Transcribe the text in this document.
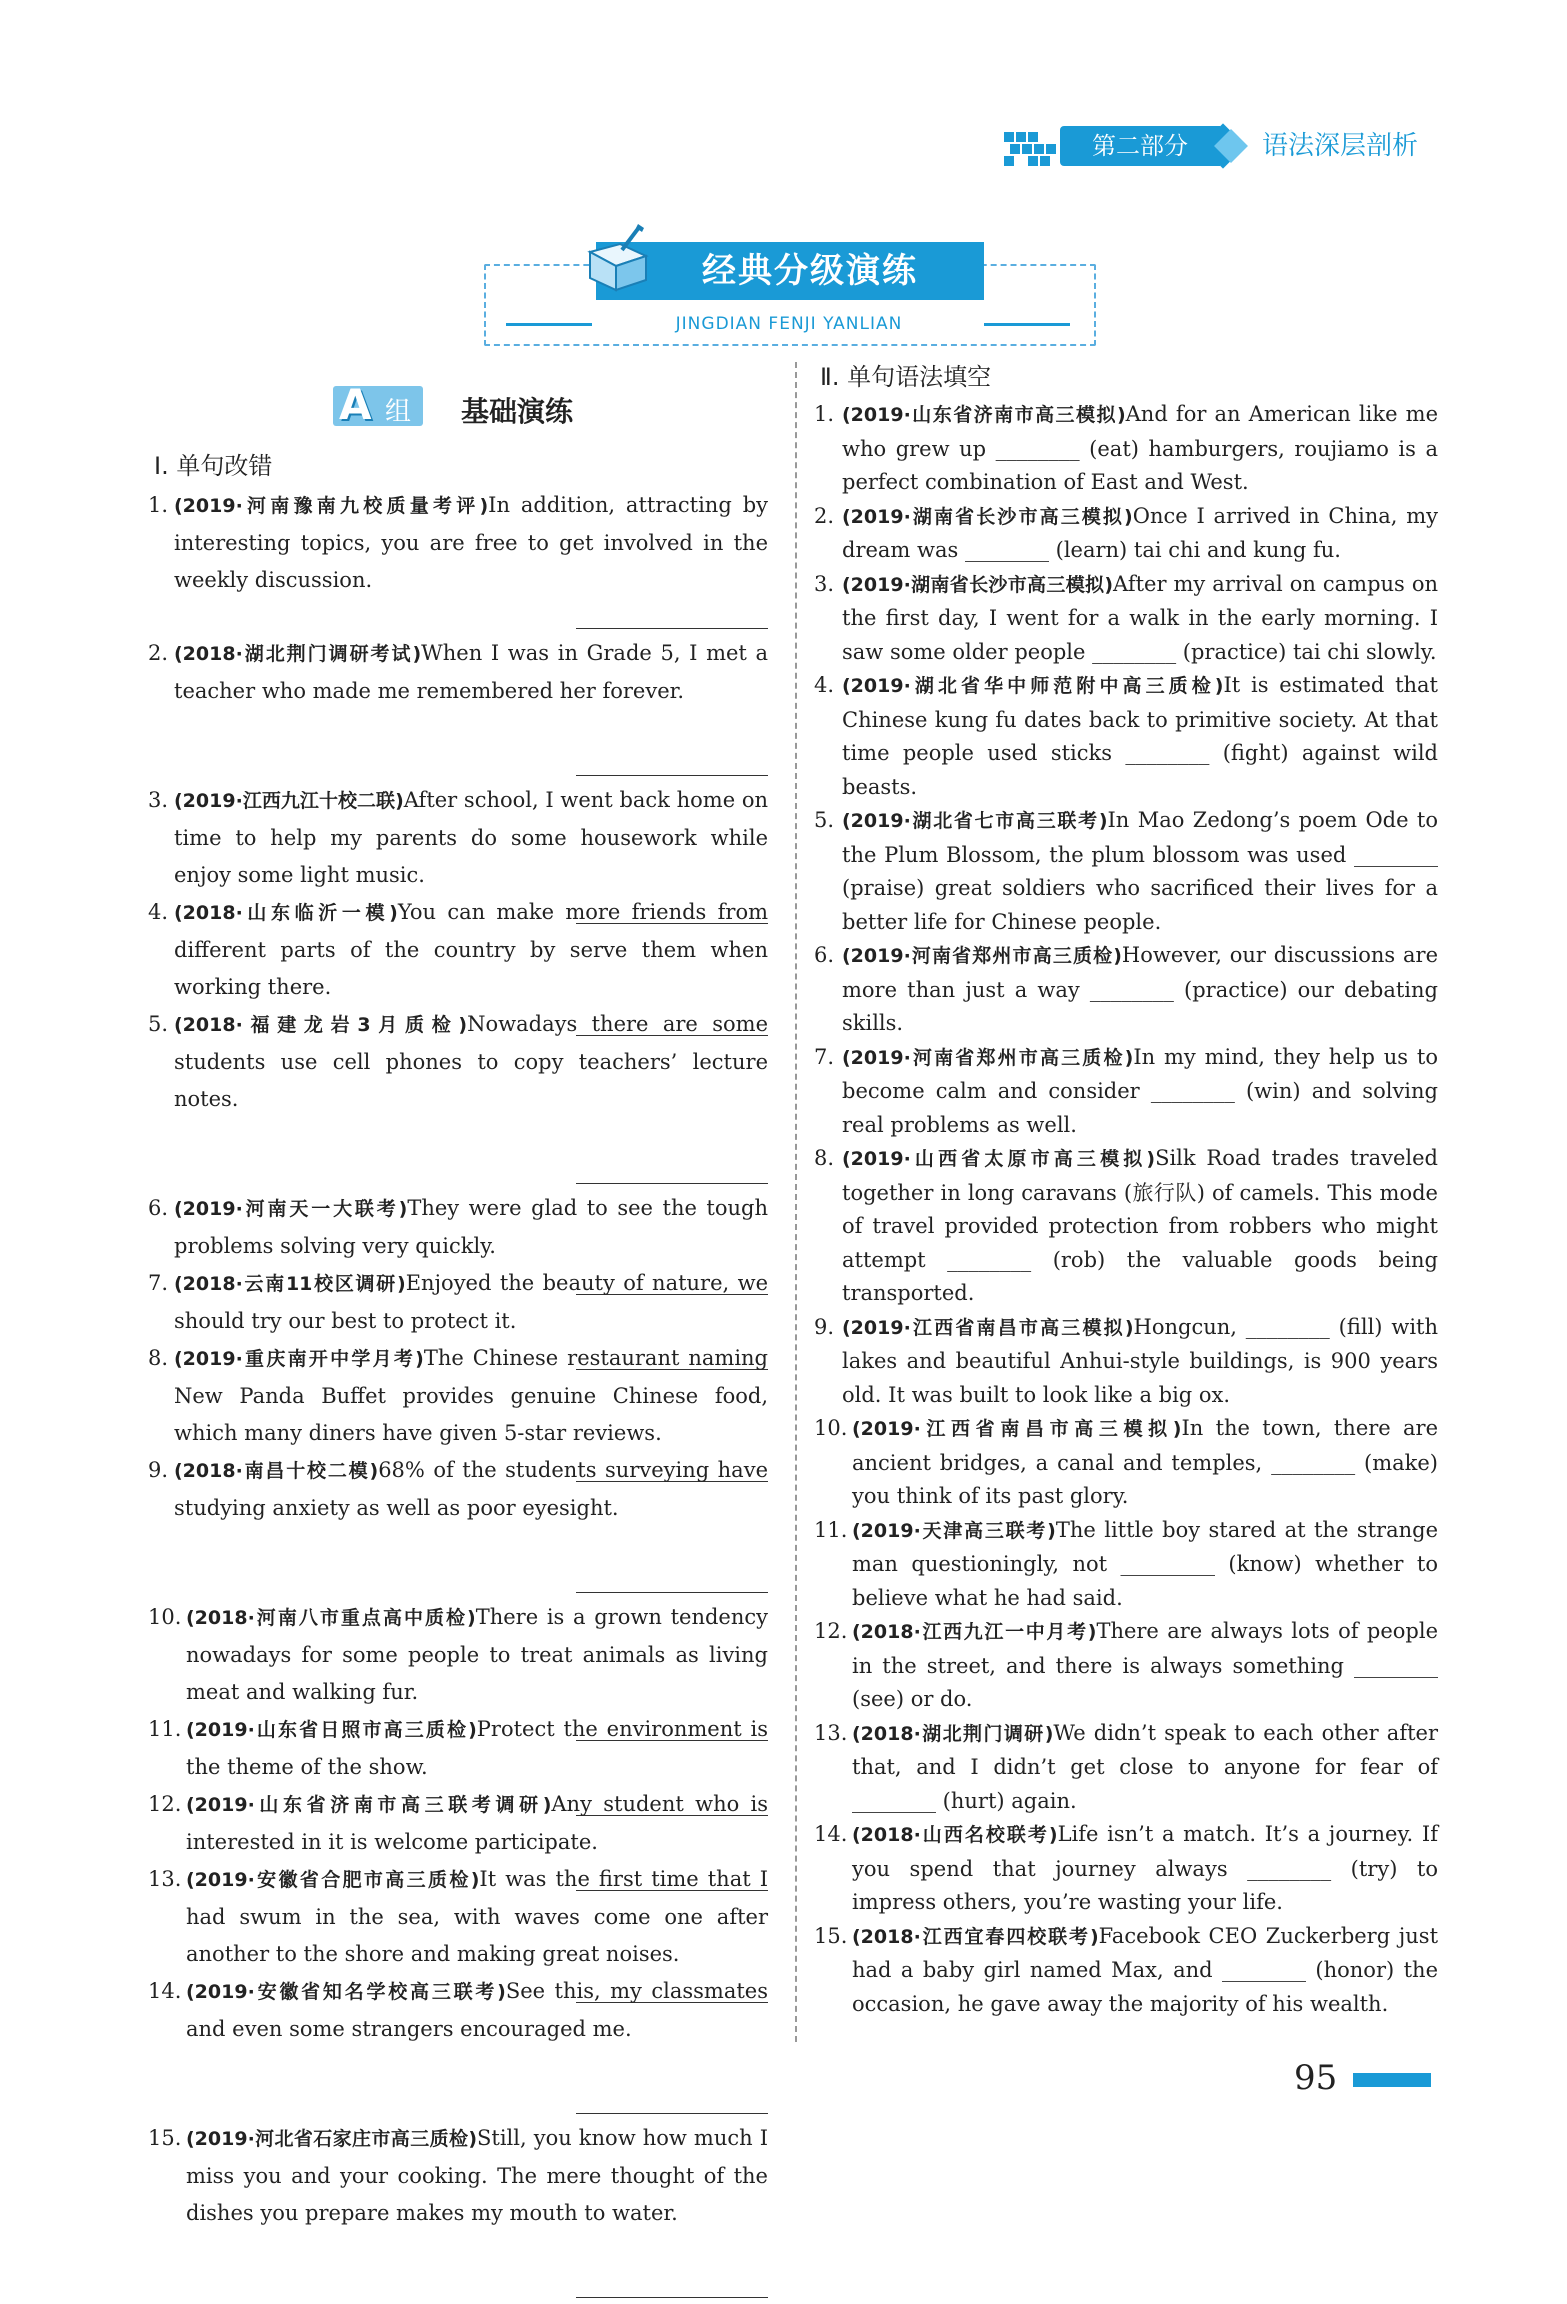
第二部分	语法深层剖析
经典分级演练
JINGDIAN FENJI YANLIAN
A 组 基础演练
Ⅰ. 单句改错
1. (2019·河南豫南九校质量考评)In addition, attracting by interesting topics, you are free to get involved in the weekly discussion.
2. (2018·湖北荆门调研考试)When I was in Grade 5, I met a teacher who made me remembered her forever.
3. (2019·江西九江十校二联)After school, I went back home on time to help my parents do some housework while enjoy some light music.
4. (2018·山东临沂一模)You can make more friends from different parts of the country by serve them when working there.
5. (2018·福建龙岩3月质检)Nowadays there are some students use cell phones to copy teachers’ lecture notes.
6. (2019·河南天一大联考)They were glad to see the tough problems solving very quickly.
7. (2018·云南11校区调研)Enjoyed the beauty of nature, we should try our best to protect it.
8. (2019·重庆南开中学月考)The Chinese restaurant naming New Panda Buffet provides genuine Chinese food, which many diners have given 5-star reviews.
9. (2018·南昌十校二模)68% of the students surveying have studying anxiety as well as poor eyesight.
10. (2018·河南八市重点高中质检)There is a grown tendency nowadays for some people to treat animals as living meat and walking fur.
11. (2019·山东省日照市高三质检)Protect the environment is the theme of the show.
12. (2019·山东省济南市高三联考调研)Any student who is interested in it is welcome participate.
13. (2019·安徽省合肥市高三质检)It was the first time that I had swum in the sea, with waves come one after another to the shore and making great noises.
14. (2019·安徽省知名学校高三联考)See this, my classmates and even some strangers encouraged me.
15. (2019·河北省石家庄市高三质检)Still, you know how much I miss you and your cooking. The mere thought of the dishes you prepare makes my mouth to water.
Ⅱ. 单句语法填空
1. (2019·山东省济南市高三模拟)And for an American like me who grew up ________ (eat) hamburgers, roujiamo is a perfect combination of East and West.
2. (2019·湖南省长沙市高三模拟)Once I arrived in China, my dream was ________ (learn) tai chi and kung fu.
3. (2019·湖南省长沙市高三模拟)After my arrival on campus on the first day, I went for a walk in the early morning. I saw some older people ________ (practice) tai chi slowly.
4. (2019·湖北省华中师范附中高三质检)It is estimated that Chinese kung fu dates back to primitive society. At that time people used sticks ________ (fight) against wild beasts.
5. (2019·湖北省七市高三联考)In Mao Zedong’s poem Ode to the Plum Blossom, the plum blossom was used ________ (praise) great soldiers who sacrificed their lives for a better life for Chinese people.
6. (2019·河南省郑州市高三质检)However, our discussions are more than just a way ________ (practice) our debating skills.
7. (2019·河南省郑州市高三质检)In my mind, they help us to become calm and consider ________ (win) and solving real problems as well.
8. (2019·山西省太原市高三模拟)Silk Road trades traveled together in long caravans (旅行队) of camels. This mode of travel provided protection from robbers who might attempt ________ (rob) the valuable goods being transported.
9. (2019·江西省南昌市高三模拟)Hongcun, ________ (fill) with lakes and beautiful Anhui-style buildings, is 900 years old. It was built to look like a big ox.
10. (2019·江西省南昌市高三模拟)In the town, there are ancient bridges, a canal and temples, ________ (make) you think of its past glory.
11. (2019·天津高三联考)The little boy stared at the strange man questioningly, not _________ (know) whether to believe what he had said.
12. (2018·江西九江一中月考)There are always lots of people in the street, and there is always something ________ (see) or do.
13. (2018·湖北荆门调研)We didn’t speak to each other after that, and I didn’t get close to anyone for fear of ________ (hurt) again.
14. (2018·山西名校联考)Life isn’t a match. It’s a journey. If you spend that journey always ________ (try) to impress others, you’re wasting your life.
15. (2018·江西宜春四校联考)Facebook CEO Zuckerberg just had a baby girl named Max, and ________ (honor) the occasion, he gave away the majority of his wealth.
95
